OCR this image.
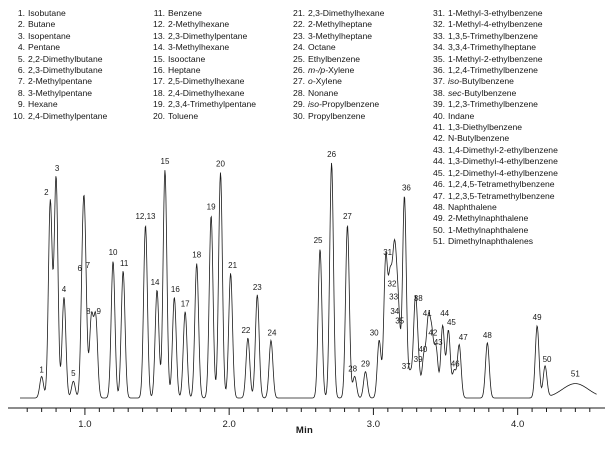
1. Isobutane
2. Butane
3. Isopentane
4. Pentane
5. 2,2-Dimethylbutane
6. 2,3-Dimethylbutane
7. 2-Methylpentane
8. 3-Methylpentane
9. Hexane
10. 2,4-Dimethylpentane
11. Benzene
12. 2-Methylhexane
13. 2,3-Dimethylpentane
14. 3-Methylhexane
15. Isooctane
16. Heptane
17. 2,5-Dimethylhexane
18. 2,4-Dimethylhexane
19. 2,3,4-Trimethylpentane
20. Toluene
21. 2,3-Dimethylhexane
22. 2-Methylheptane
23. 3-Methylheptane
24. Octane
25. Ethylbenzene
26. m-/p-Xylene
27. o-Xylene
28. Nonane
29. iso-Propylbenzene
30. Propylbenzene
31. 1-Methyl-3-ethylbenzene
32. 1-Methyl-4-ethylbenzene
33. 1,3,5-Trimethylbenzene
34. 3,3,4-Trimethylheptane
35. 1-Methyl-2-ethylbenzene
36. 1,2,4-Trimethylbenzene
37. iso-Butylbenzene
38. sec-Butylbenzene
39. 1,2,3-Trimethylbenzene
40. Indane
41. 1,3-Diethylbenzene
42. N-Butylbenzene
43. 1,4-Dimethyl-2-ethylbenzene
44. 1,3-Dimethyl-4-ethylbenzene
45. 1,2-Dimethyl-4-ethylbenzene
46. 1,2,4,5-Tetramethylbenzene
47. 1,2,3,5-Tetramethylbenzene
48. Naphthalene
49. 2-Methylnaphthalene
50. 1-Methylnaphthalene
51. Dimethylnaphthalenes
1.0	2.0	3.0	4.0
1
2
3
4
5
6 7
8 9
10
11
12,13
14
15
16
17
18
19
20
21
22
23
24
25
26
27
28
29
30
31
32
33
34
35
36
37
38
39
40
41
42
43
44
45
46
47 48
49
50
51
Min
